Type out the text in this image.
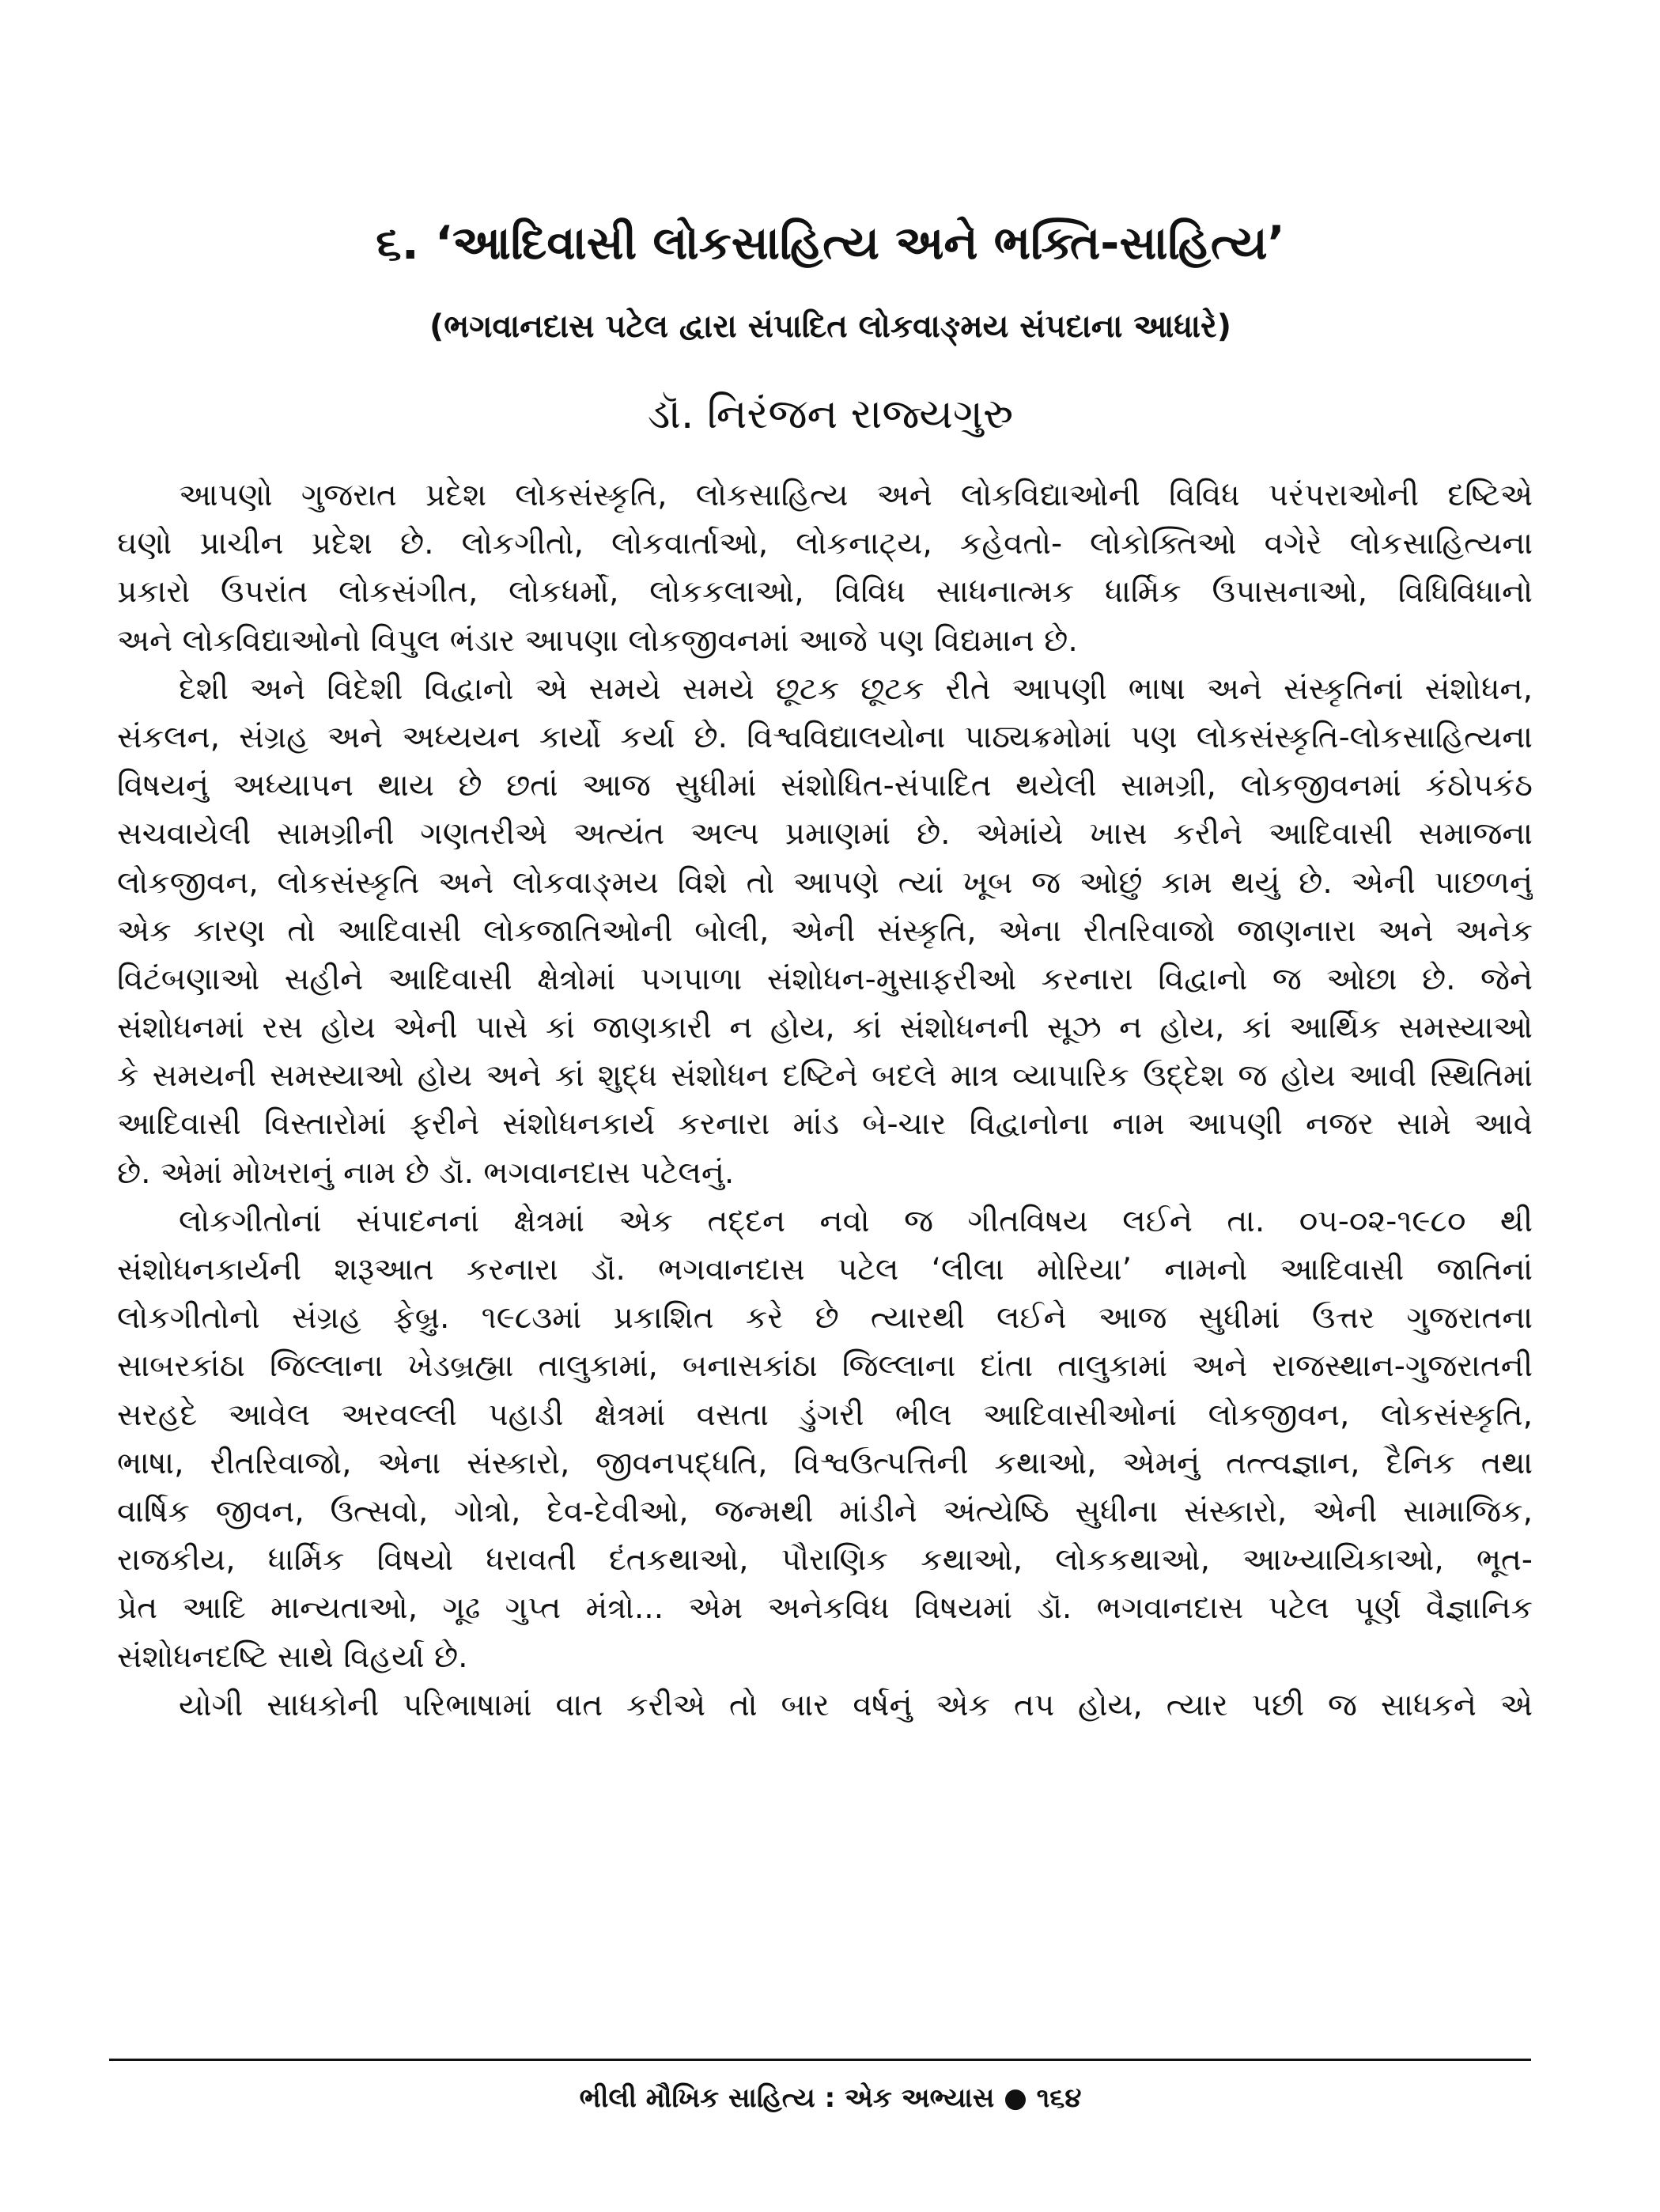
૬. ‘આદિવાસી લોકસાહિત્ય અને ભક્તિ-સાહિત્ય’
(ભગવાનદાસ પટેલ દ્વારા સંપાદિત લોકવાઙ્મય સંપદાના આધારે)
ડૉ. નિરંજન રાજ્યગુરુ
આપણો ગુજરાત પ્રદેશ લોકસંસ્કૃતિ, લોકસાહિત્ય અને લોકવિદ્યાઓની વિવિધ પરંપરાઓની દષ્ટિએ
ઘણો પ્રાચીન પ્રદેશ છે. લોકગીતો, લોકવાર્તાઓ, લોકનાટ્ય, કહેવતો- લોકોક્તિઓ વગેરે લોકસાહિત્યના
પ્રકારો ઉપરાંત લોકસંગીત, લોકધર્મો, લોકકલાઓ, વિવિધ સાધનાત્મક ધાર્મિક ઉપાસનાઓ, વિધિવિધાનો
અને લોકવિદ્યાઓનો વિપુલ ભંડાર આપણા લોકજીવનમાં આજે પણ વિદ્યમાન છે.
દેશી અને વિદેશી વિદ્વાનો એ સમયે સમયે છૂટક છૂટક રીતે આપણી ભાષા અને સંસ્કૃતિનાં સંશોધન,
સંકલન, સંગ્રહ અને અધ્યયન કાર્યો કર્યા છે. વિશ્વવિદ્યાલયોના પાઠ્યક્રમોમાં પણ લોકસંસ્કૃતિ-લોકસાહિત્યના
વિષયનું અધ્યાપન થાય છે છતાં આજ સુધીમાં સંશોધિત-સંપાદિત થયેલી સામગ્રી, લોકજીવનમાં કંઠોપકંઠ
સચવાયેલી સામગ્રીની ગણતરીએ અત્યંત અલ્પ પ્રમાણમાં છે. એમાંયે ખાસ કરીને આદિવાસી સમાજના
લોકજીવન, લોકસંસ્કૃતિ અને લોકવાઙ્મય વિશે તો આપણે ત્યાં ખૂબ જ ઓછું કામ થયું છે. એની પાછળનું
એક કારણ તો આદિવાસી લોકજાતિઓની બોલી, એની સંસ્કૃતિ, એના રીતરિવાજો જાણનારા અને અનેક
વિટંબણાઓ સહીને આદિવાસી ક્ષેત્રોમાં પગપાળા સંશોધન-મુસાફરીઓ કરનારા વિદ્વાનો જ ઓછા છે. જેને
સંશોધનમાં રસ હોય એની પાસે કાં જાણકારી ન હોય, કાં સંશોધનની સૂઝ ન હોય, કાં આર્થિક સમસ્યાઓ
કે સમયની સમસ્યાઓ હોય અને કાં શુદ્ધ સંશોધન દષ્ટિને બદલે માત્ર વ્યાપારિક ઉદ્દેશ જ હોય આવી સ્થિતિમાં
આદિવાસી વિસ્તારોમાં ફરીને સંશોધનકાર્ય કરનારા માંડ બે-ચાર વિદ્વાનોના નામ આપણી નજર સામે આવે
છે. એમાં મોખરાનું નામ છે ડૉ. ભગવાનદાસ પટેલનું.
લોકગીતોનાં સંપાદનનાં ક્ષેત્રમાં એક તદ્દન નવો જ ગીતવિષય લઈને તા. ૦૫-૦૨-૧૯૮૦ થી
સંશોધનકાર્યની શરૂઆત કરનારા ડૉ. ભગવાનદાસ પટેલ ‘લીલા મોરિયા’ નામનો આદિવાસી જાતિનાં
લોકગીતોનો સંગ્રહ ફેબ્રુ. ૧૯૮૩માં પ્રકાશિત કરે છે ત્યારથી લઈને આજ સુધીમાં ઉત્તર ગુજરાતના
સાબરકાંઠા જિલ્લાના ખેડબ્રહ્મા તાલુકામાં, બનાસકાંઠા જિલ્લાના દાંતા તાલુકામાં અને રાજસ્થાન-ગુજરાતની
સરહદે આવેલ અરવલ્લી પહાડી ક્ષેત્રમાં વસતા ડુંગરી ભીલ આદિવાસીઓનાં લોકજીવન, લોકસંસ્કૃતિ,
ભાષા, રીતરિવાજો, એના સંસ્કારો, જીવનપદ્ધતિ, વિશ્વઉત્પત્તિની કથાઓ, એમનું તત્ત્વજ્ઞાન, દૈનિક તથા
વાર્ષિક જીવન, ઉત્સવો, ગોત્રો, દેવ-દેવીઓ, જન્મથી માંડીને અંત્યેષ્ઠિ સુધીના સંસ્કારો, એની સામાજિક,
રાજકીય, ધાર્મિક વિષયો ધરાવતી દંતકથાઓ, પૌરાણિક કથાઓ, લોકકથાઓ, આખ્યાયિકાઓ, ભૂત-
પ્રેત આદિ માન્યતાઓ, ગૂઢ ગુપ્ત મંત્રો... એમ અનેકવિધ વિષયમાં ડૉ. ભગવાનદાસ પટેલ પૂર્ણ વૈજ્ઞાનિક
સંશોધનદષ્ટિ સાથે વિહર્યા છે.
યોગી સાધકોની પરિભાષામાં વાત કરીએ તો બાર વર્ષનું એક તપ હોય, ત્યાર પછી જ સાધકને એ
ભીલી મૌખિક સાહિત્ય : એક અભ્યાસ ● ૧૬૪
